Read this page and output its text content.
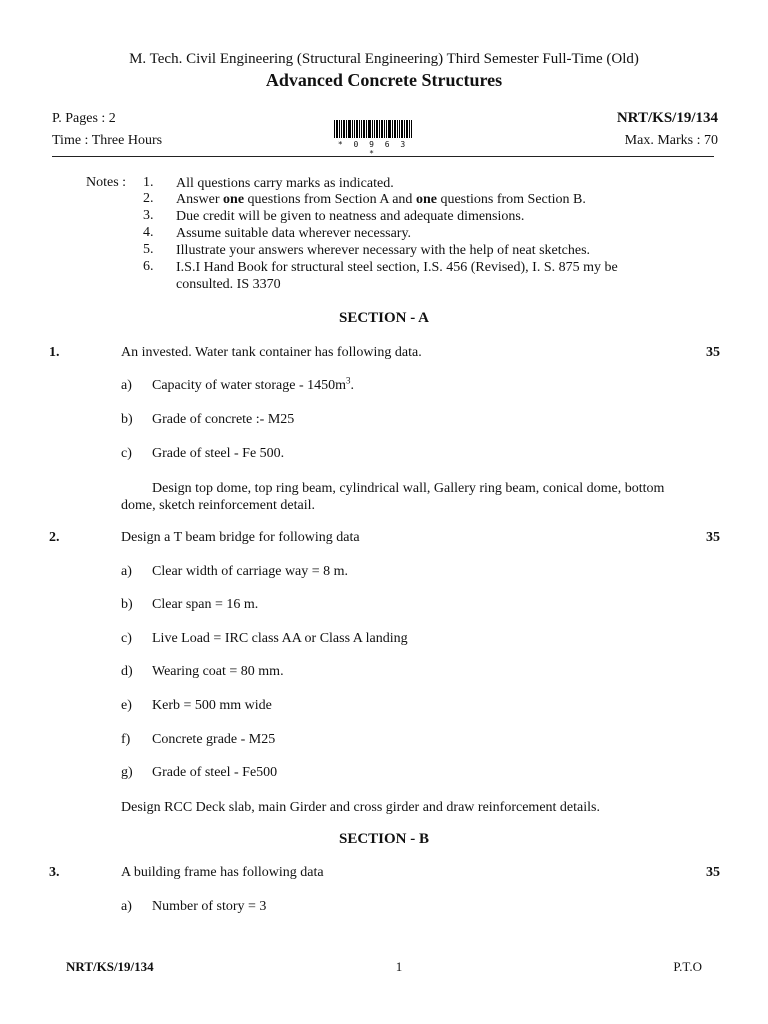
M. Tech. Civil Engineering (Structural Engineering) Third Semester Full-Time (Old)
Advanced Concrete Structures
P. Pages : 2	NRT/KS/19/134
Time : Three Hours	Max. Marks : 70
* 0 9 6 3 *
Notes : 1.	All questions carry marks as indicated.
2.	Answer one questions from Section A and one questions from Section B.
3.	Due credit will be given to neatness and adequate dimensions.
4.	Assume suitable data wherever necessary.
5.	Illustrate your answers wherever necessary with the help of neat sketches.
6.	I.S.I Hand Book for structural steel section, I.S. 456 (Revised), I. S. 875 my be consulted. IS 3370
SECTION - A
1.	An invested. Water tank container has following data.	35
a) Capacity of water storage - $1450m^3$.
b) Grade of concrete :- M25
c) Grade of steel - Fe 500.
Design top dome, top ring beam, cylindrical wall, Gallery ring beam, conical dome, bottom dome, sketch reinforcement detail.
2.	Design a T beam bridge for following data	35
a) Clear width of carriage way = 8 m.
b) Clear span = 16 m.
c) Live Load = IRC class AA or Class A landing
d) Wearing coat = 80 mm.
e) Kerb = 500 mm wide
f) Concrete grade - M25
g) Grade of steel - Fe500
Design RCC Deck slab, main Girder and cross girder and draw reinforcement details.
SECTION - B
3.	A building frame has following data	35
a) Number of story = 3
NRT/KS/19/134	1	P.T.O
